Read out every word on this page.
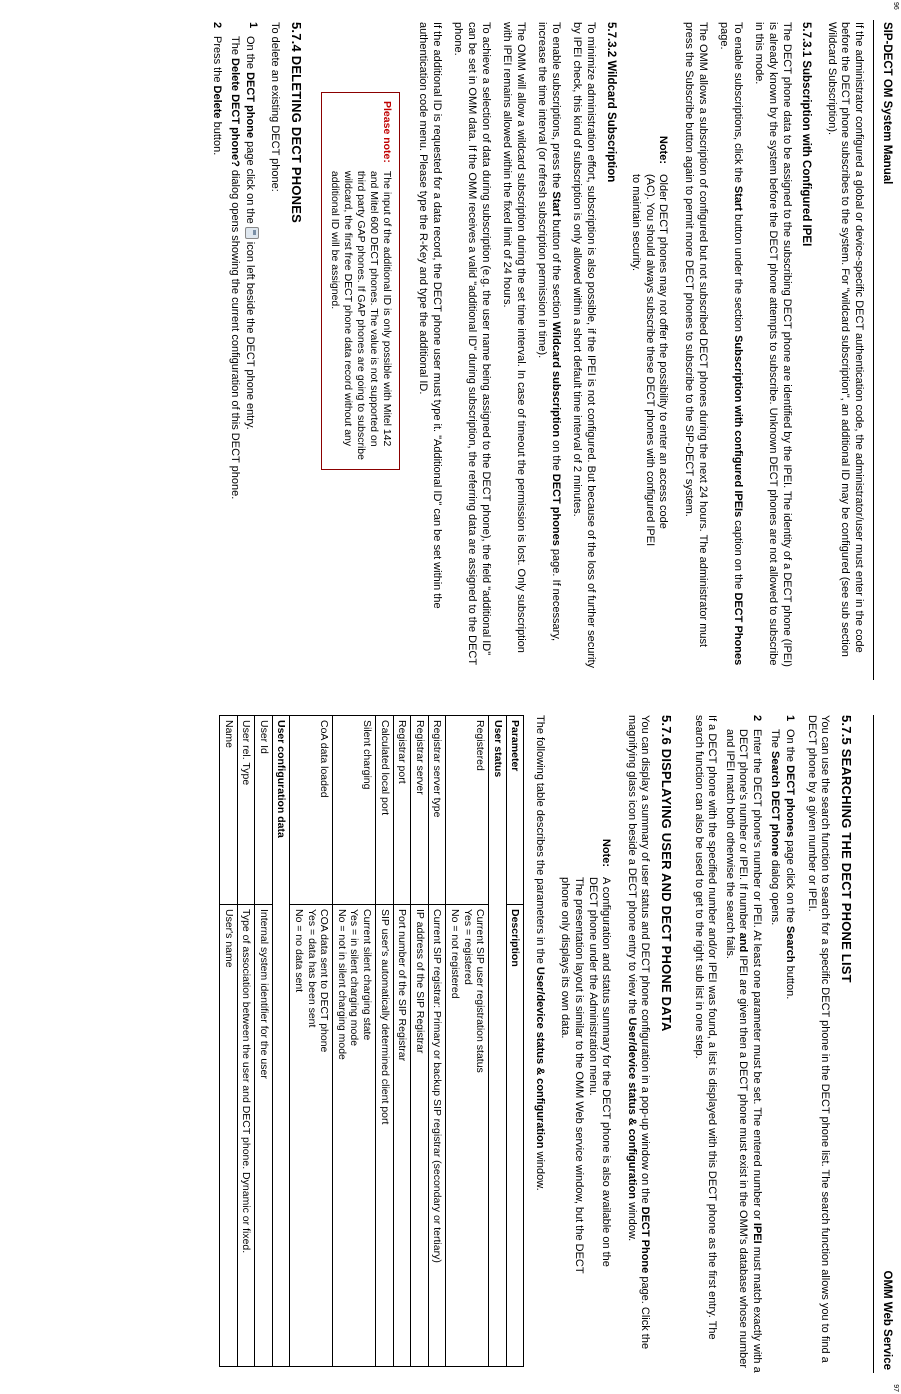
96
SIP-DECT OM System Manual

If the administrator configured a global or device-specific DECT authentication code, the administrator/user must enter in the code before the DECT phone subscribes to the system. For "wildcard subscription", an additional ID may be configured (see sub section Wildcard Subscription).

5.7.3.1 Subscription with Configured IPEI

The DECT phone data to be assigned to the subscribing DECT phone are identified by the IPEI. The identity of a DECT phone (IPEI) is already known by the system before the DECT phone attempts to subscribe. Unknown DECT phones are not allowed to subscribe in this mode.

To enable subscriptions, click the Start button under the section Subscription with configured IPEIs caption on the DECT Phones page.

The OMM allows a subscription of configured but not subscribed DECT phones during the next 24 hours. The administrator must press the Subscribe button again to permit more DECT phones to subscribe to the SIP-DECT system.

Note:
Older DECT phones may not offer the possibility to enter an access code (AC). You should always subscribe these DECT phones with configured IPEI to maintain security.
5.7.3.2 Wildcard Subscription

To minimize administration effort, subscription is also possible, if the IPEI is not configured. But because of the loss of further security by IPEI check, this kind of subscription is only allowed within a short default time interval of 2 minutes.

To enable subscriptions, press the Start button of the section Wildcard subscription on the DECT phones page. If necessary, increase the time interval (or refresh subscription permission in time).

The OMM will allow a wildcard subscription during the set time interval. In case of timeout the permission is lost. Only subscription with IPEI remains allowed within the fixed limit of 24 hours.

To achieve a selection of data during subscription (e.g. the user name being assigned to the DECT phone), the field "additional ID" can be set in OMM data. If the OMM receives a valid "additional ID" during subscription, the referring data are assigned to the DECT phone.

If the additional ID is requested for a data record, the DECT phone user must type it. "Additional ID" can be set within the authentication code menu. Please type the R-Key and type the additional ID.

Please note:
The input of the additional ID is only possible with Mitel 142 and Mitel 600 DECT phones. The value is not supported on third party GAP phones. If GAP phones are going to subscribe wildcard, the first free DECT phone data record without any additional ID will be assigned.
5.7.4 DELETING DECT PHONES

To delete an existing DECT phone:

1
On the DECT phone page click on the  icon left beside the DECT phone entry.
The Delete DECT phone? dialog opens showing the current configuration of this DECT phone.
2
Press the Delete button.
97
OMM Web Service
5.7.5 SEARCHING THE DECT PHONE LIST

You can use the search function to search for a specific DECT phone in the DECT phone list. The search function allows you to find a DECT phone by a given number or IPEI.

1
On the DECT phones page click on the Search button.
The Search DECT phone dialog opens.
2
Enter the DECT phone's number or IPEI. At least one parameter must be set. The entered number or IPEI must match exactly with a DECT phone's number or IPEI. If number and IPEI are given then a DECT phone must exist in the OMM's database whose number and IPEI match both otherwise the search fails.

If a DECT phone with the specified number and/or IPEI was found, a list is displayed with this DECT phone as the first entry. The search function can also be used to get to the right sub list in one step.

5.7.6 DISPLAYING USER AND DECT PHONE DATA

You can display a summary of user status and DECT phone configuration in a pop-up window on the DECT Phone page. Click the magnifying glass icon beside a DECT phone entry to view the User/device status & configuration window.

Note:
A configuration and status summary for the DECT phone is also available on the DECT phone under the Administration menu.
The presentation layout is similar to the OMM Web service window, but the DECT phone only displays its own data.

The following table describes the parameters in the User/device status & configuration window.

Parameter	Description
User status	
Registered	Current SIP user registration status
Yes = registered
No = not registered

Registrar server type	Current SIP registrar: Primary or backup SIP registrar (secondary or tertiary)

Registrar server	IP address of the SIP Registrar

Registrar port	Port number of the SIP Registrar

Calculated local port	SIP user's automatically determined client port

Silent charging	Current silent charging state
Yes = in silent charging mode
No = not in silent charging mode

CoA data loaded	COA data sent to DECT phone
Yes = data has been sent
No = no data sent

User configuration data	
User Id	Internal system identifier for the user

User rel. Type	Type of association between the user and DECT phone. Dynamic or fixed.

Name	User's name
